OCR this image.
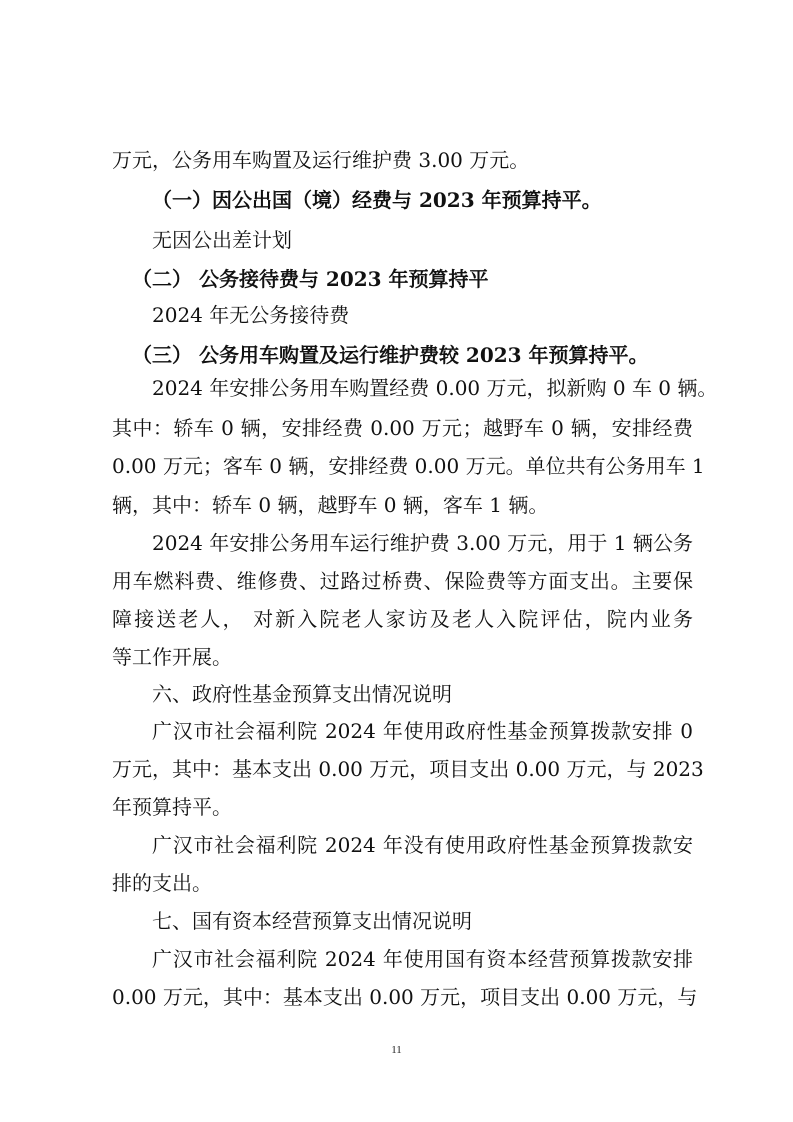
万元，公务用车购置及运行维护费 3.00 万元。
（一）因公出国（境）经费与 2023 年预算持平。
无因公出差计划
（二） 公务接待费与 2023 年预算持平
2024 年无公务接待费
（三） 公务用车购置及运行维护费较 2023 年预算持平。
2024 年安排公务用车购置经费 0.00 万元，拟新购 0 车 0 辆。
其中：轿车 0 辆，安排经费 0.00 万元；越野车 0 辆，安排经费
0.00 万元；客车 0 辆，安排经费 0.00 万元。单位共有公务用车 1
辆，其中：轿车 0 辆，越野车 0 辆，客车 1 辆。
2024 年安排公务用车运行维护费 3.00 万元，用于 1 辆公务
用车燃料费、维修费、过路过桥费、保险费等方面支出。主要保
障接送老人， 对新入院老人家访及老人入院评估，院内业务
等工作开展。
六、政府性基金预算支出情况说明
广汉市社会福利院 2024 年使用政府性基金预算拨款安排 0
万元，其中：基本支出 0.00 万元，项目支出 0.00 万元，与 2023
年预算持平。
广汉市社会福利院 2024 年没有使用政府性基金预算拨款安
排的支出。
七、国有资本经营预算支出情况说明
广汉市社会福利院 2024 年使用国有资本经营预算拨款安排
0.00 万元，其中：基本支出 0.00 万元，项目支出 0.00 万元，与
11
